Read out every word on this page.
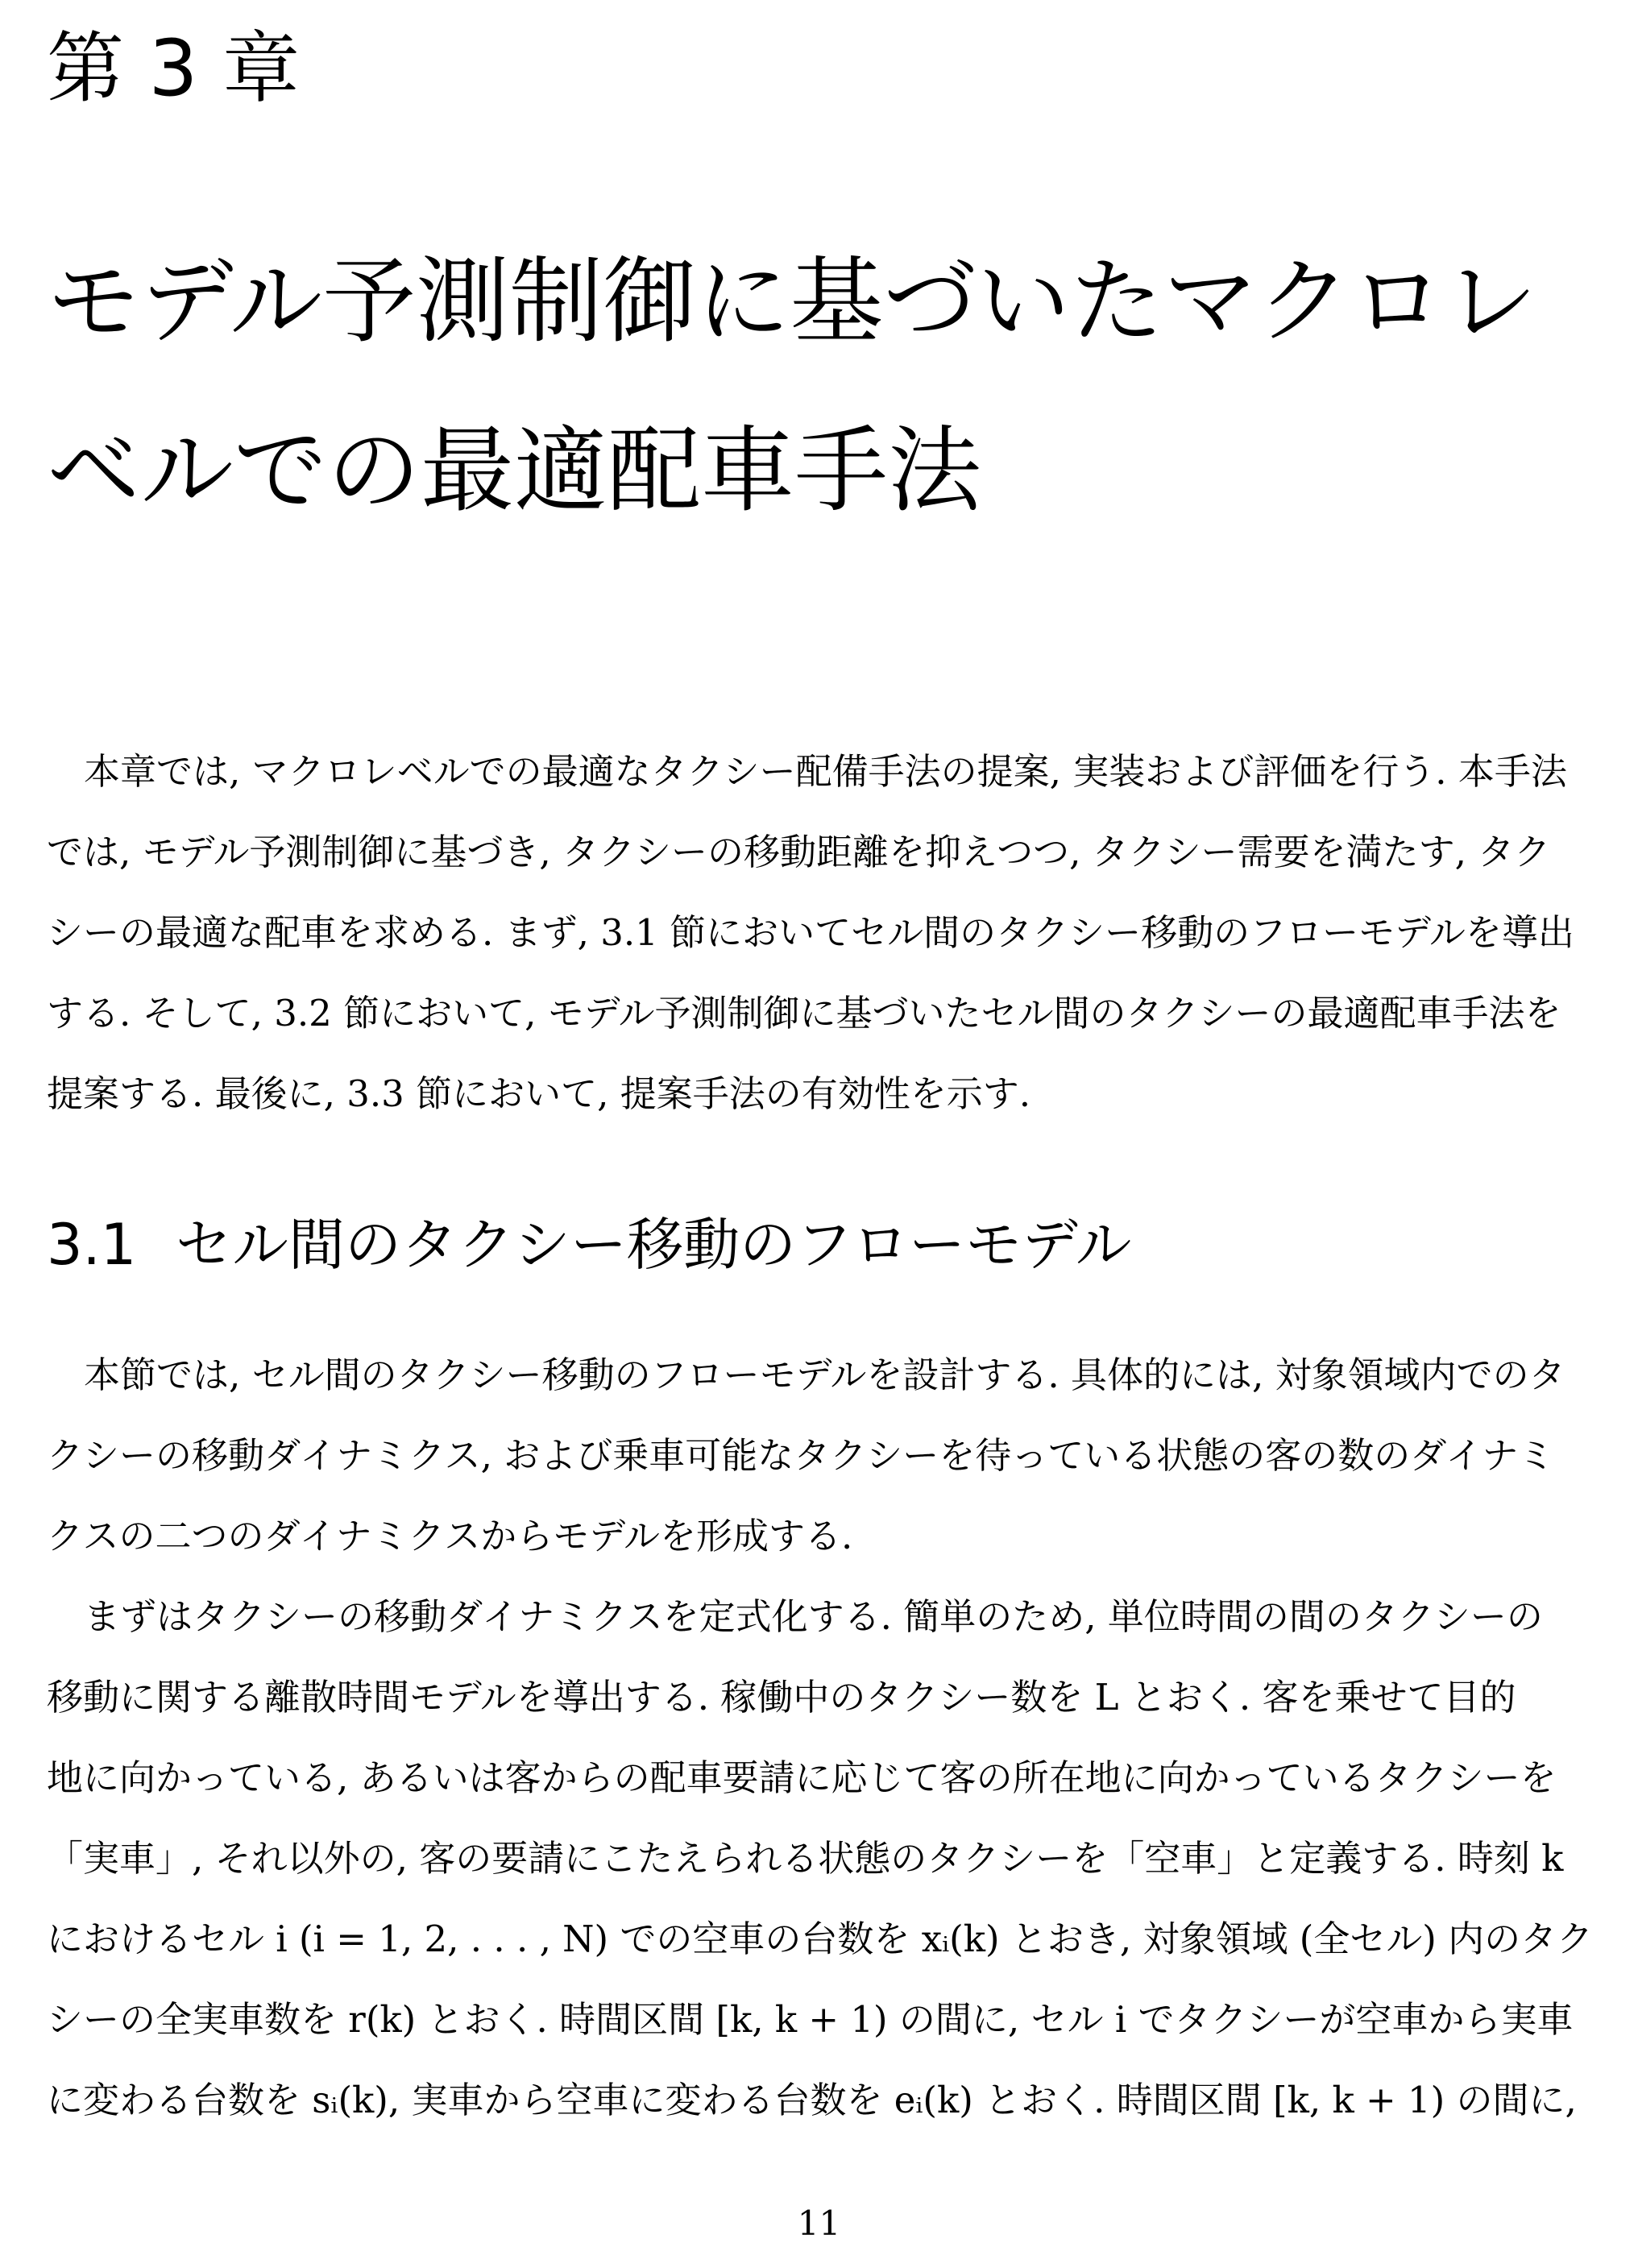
第 3 章
モデル予測制御に基づいたマクロレ
ベルでの最適配車手法
本章では, マクロレベルでの最適なタクシー配備手法の提案, 実装および評価を行う. 本手法
では, モデル予測制御に基づき, タクシーの移動距離を抑えつつ, タクシー需要を満たす, タク
シーの最適な配車を求める. まず, 3.1 節においてセル間のタクシー移動のフローモデルを導出
する. そして, 3.2 節において, モデル予測制御に基づいたセル間のタクシーの最適配車手法を
提案する. 最後に, 3.3 節において, 提案手法の有効性を示す.
3.1 セル間のタクシー移動のフローモデル
本節では, セル間のタクシー移動のフローモデルを設計する. 具体的には, 対象領域内でのタ
クシーの移動ダイナミクス, および乗車可能なタクシーを待っている状態の客の数のダイナミ
クスの二つのダイナミクスからモデルを形成する.
まずはタクシーの移動ダイナミクスを定式化する. 簡単のため, 単位時間の間のタクシーの
移動に関する離散時間モデルを導出する. 稼働中のタクシー数を L とおく. 客を乗せて目的
地に向かっている, あるいは客からの配車要請に応じて客の所在地に向かっているタクシーを
「実車」, それ以外の, 客の要請にこたえられる状態のタクシーを「空車」と定義する. 時刻 k
におけるセル i (i = 1, 2, . . . , N) での空車の台数を xᵢ(k) とおき, 対象領域 (全セル) 内のタク
シーの全実車数を r(k) とおく. 時間区間 [k, k + 1) の間に, セル i でタクシーが空車から実車
に変わる台数を sᵢ(k), 実車から空車に変わる台数を eᵢ(k) とおく. 時間区間 [k, k + 1) の間に,
11
